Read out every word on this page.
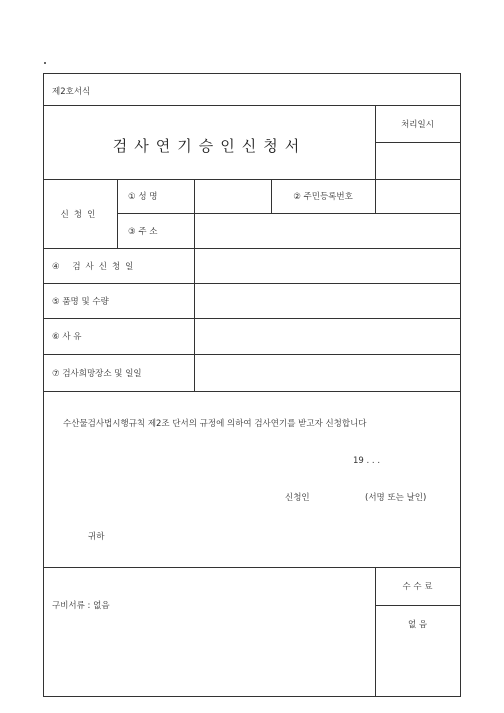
제2호서식
검사연기승인신청서
처리일시
신청인
① 성 명	② 주민등록번호
③ 주 소
④ 검사신청일
⑤ 품명 및 수량
⑥ 사 유
⑦ 검사희망장소 및 일일
수산물검사법시행규칙 제2조 단서의 규정에 의하여 검사연기를 받고자 신청합니다
19 . . .
신청인	(서명 또는 날인)
귀하
구비서류 : 없음
수 수 료
없 음
